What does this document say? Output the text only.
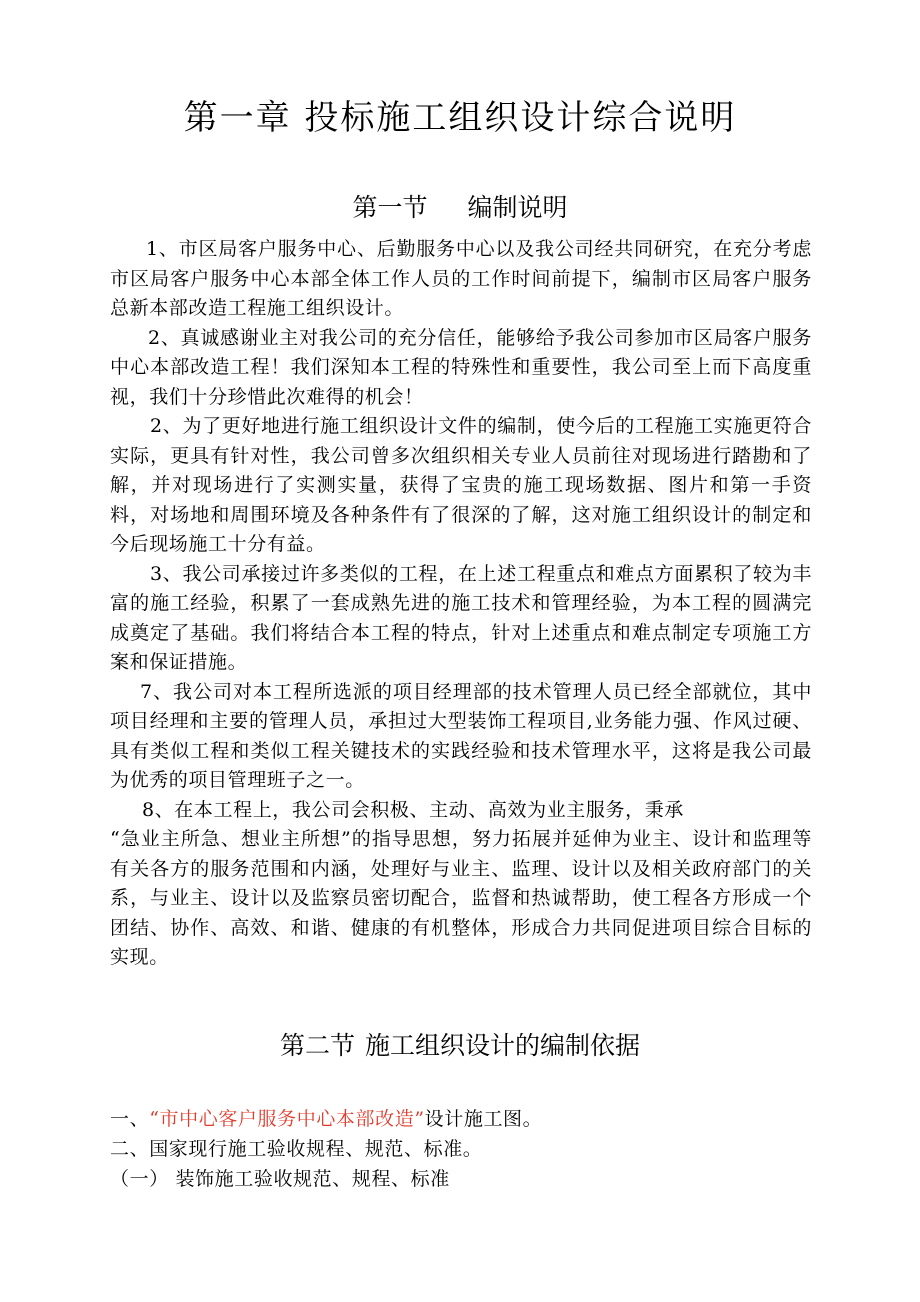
第一章 投标施工组织设计综合说明
第一节 编制说明

1、市区局客户服务中心、后勤服务中心以及我公司经共同研究，在充分考虑市区局客户服务中心本部全体工作人员的工作时间前提下，编制市区局客户服务总新本部改造工程施工组织设计。

2、真诚感谢业主对我公司的充分信任，能够给予我公司参加市区局客户服务中心本部改造工程！我们深知本工程的特殊性和重要性，我公司至上而下高度重视，我们十分珍惜此次难得的机会！

2、为了更好地进行施工组织设计文件的编制，使今后的工程施工实施更符合实际，更具有针对性，我公司曾多次组织相关专业人员前往对现场进行踏勘和了解，并对现场进行了实测实量，获得了宝贵的施工现场数据、图片和第一手资料，对场地和周围环境及各种条件有了很深的了解，这对施工组织设计的制定和今后现场施工十分有益。

3、我公司承接过许多类似的工程，在上述工程重点和难点方面累积了较为丰富的施工经验，积累了一套成熟先进的施工技术和管理经验，为本工程的圆满完成奠定了基础。我们将结合本工程的特点，针对上述重点和难点制定专项施工方案和保证措施。

7、我公司对本工程所选派的项目经理部的技术管理人员已经全部就位，其中项目经理和主要的管理人员，承担过大型装饰工程项目,业务能力强、作风过硬、具有类似工程和类似工程关键技术的实践经验和技术管理水平，这将是我公司最为优秀的项目管理班子之一。

8、在本工程上，我公司会积极、主动、高效为业主服务，秉承

“急业主所急、想业主所想”的指导思想，努力拓展并延伸为业主、设计和监理等有关各方的服务范围和内涵，处理好与业主、监理、设计以及相关政府部门的关系，与业主、设计以及监察员密切配合，监督和热诚帮助，使工程各方形成一个团结、协作、高效、和谐、健康的有机整体，形成合力共同促进项目综合目标的实现。

第二节 施工组织设计的编制依据

一、“市中心客户服务中心本部改造”设计施工图。

二、国家现行施工验收规程、规范、标准。

（一） 装饰施工验收规范、规程、标准
